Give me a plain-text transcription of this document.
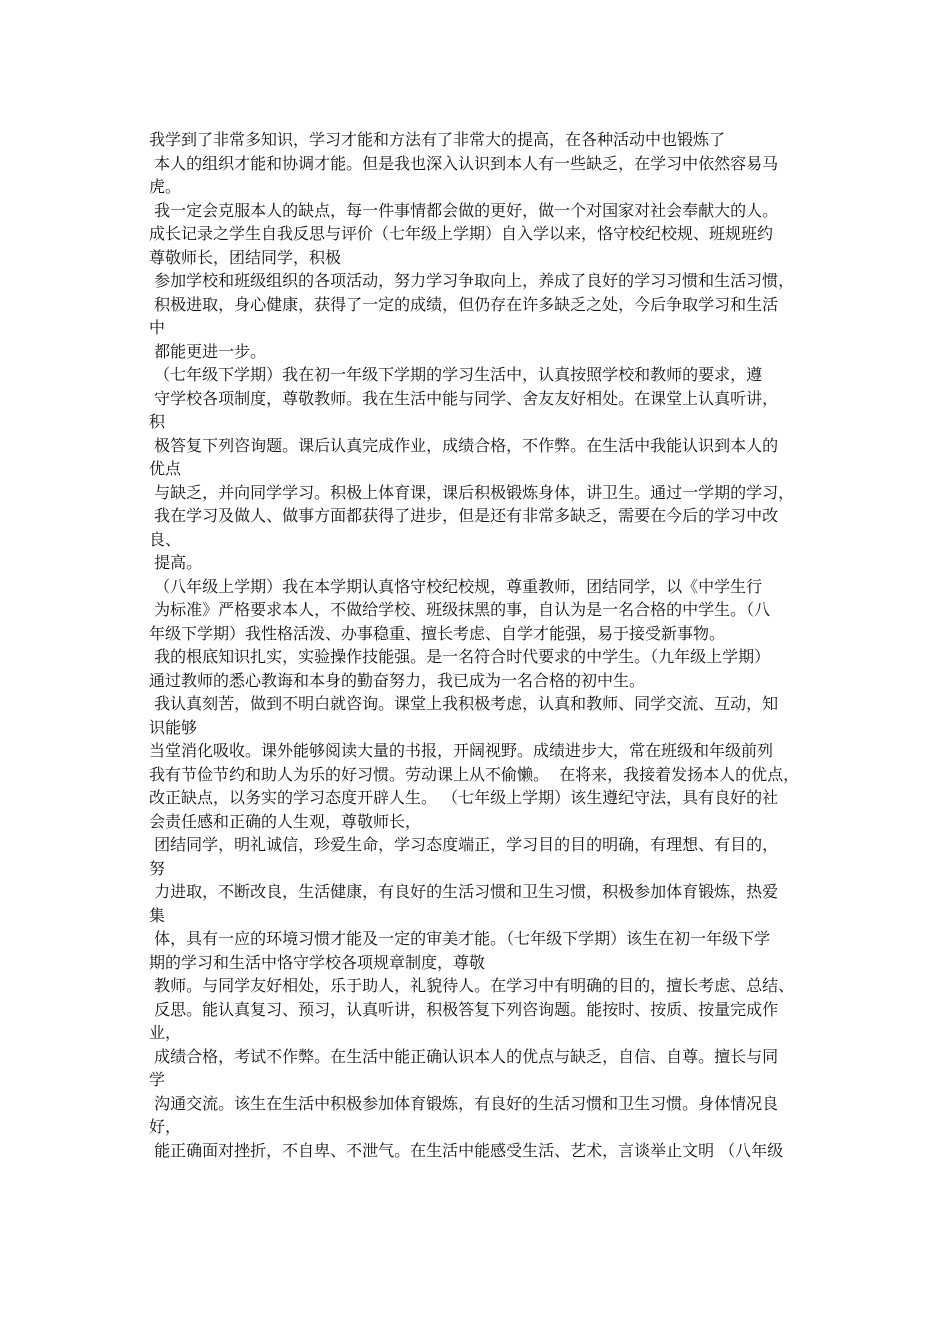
我学到了非常多知识，学习才能和方法有了非常大的提高，在各种活动中也锻炼了
本人的组织才能和协调才能。但是我也深入认识到本人有一些缺乏，在学习中依然容易马
虎。
我一定会克服本人的缺点，每一件事情都会做的更好，做一个对国家对社会奉献大的人。
成长记录之学生自我反思与评价（七年级上学期）自入学以来，恪守校纪校规、班规班约
尊敬师长，团结同学，积极
参加学校和班级组织的各项活动，努力学习争取向上，养成了良好的学习习惯和生活习惯，
积极进取，身心健康，获得了一定的成绩，但仍存在许多缺乏之处，今后争取学习和生活
中
都能更进一步。
（七年级下学期）我在初一年级下学期的学习生活中，认真按照学校和教师的要求，遵
守学校各项制度，尊敬教师。我在生活中能与同学、舍友友好相处。在课堂上认真听讲，
积
极答复下列咨询题。课后认真完成作业，成绩合格，不作弊。在生活中我能认识到本人的
优点
与缺乏，并向同学学习。积极上体育课，课后积极锻炼身体，讲卫生。通过一学期的学习，
我在学习及做人、做事方面都获得了进步，但是还有非常多缺乏，需要在今后的学习中改
良、
提高。
（八年级上学期）我在本学期认真恪守校纪校规，尊重教师，团结同学，以《中学生行
为标准》严格要求本人，不做给学校、班级抹黑的事，自认为是一名合格的中学生。（八
年级下学期）我性格活泼、办事稳重、擅长考虑、自学才能强，易于接受新事物。
我的根底知识扎实，实验操作技能强。是一名符合时代要求的中学生。（九年级上学期）
通过教师的悉心教诲和本身的勤奋努力，我已成为一名合格的初中生。
我认真刻苦，做到不明白就咨询。课堂上我积极考虑，认真和教师、同学交流、互动，知
识能够
当堂消化吸收。课外能够阅读大量的书报，开阔视野。成绩进步大，常在班级和年级前列
我有节俭节约和助人为乐的好习惯。劳动课上从不偷懒。  在将来，我接着发扬本人的优点，
改正缺点，以务实的学习态度开辟人生。 （七年级上学期）该生遵纪守法，具有良好的社
会责任感和正确的人生观，尊敬师长，
团结同学，明礼诚信，珍爱生命，学习态度端正，学习目的目的明确，有理想、有目的，
努
力进取，不断改良，生活健康，有良好的生活习惯和卫生习惯，积极参加体育锻炼，热爱
集
体，具有一应的环境习惯才能及一定的审美才能。（七年级下学期）该生在初一年级下学
期的学习和生活中恪守学校各项规章制度，尊敬
教师。与同学友好相处，乐于助人，礼貌待人。在学习中有明确的目的，擅长考虑、总结、
反思。能认真复习、预习，认真听讲，积极答复下列咨询题。能按时、按质、按量完成作
业，
成绩合格，考试不作弊。在生活中能正确认识本人的优点与缺乏，自信、自尊。擅长与同
学
沟通交流。该生在生活中积极参加体育锻炼，有良好的生活习惯和卫生习惯。身体情况良
好，
能正确面对挫折，不自卑、不泄气。在生活中能感受生活、艺术，言谈举止文明 （八年级
